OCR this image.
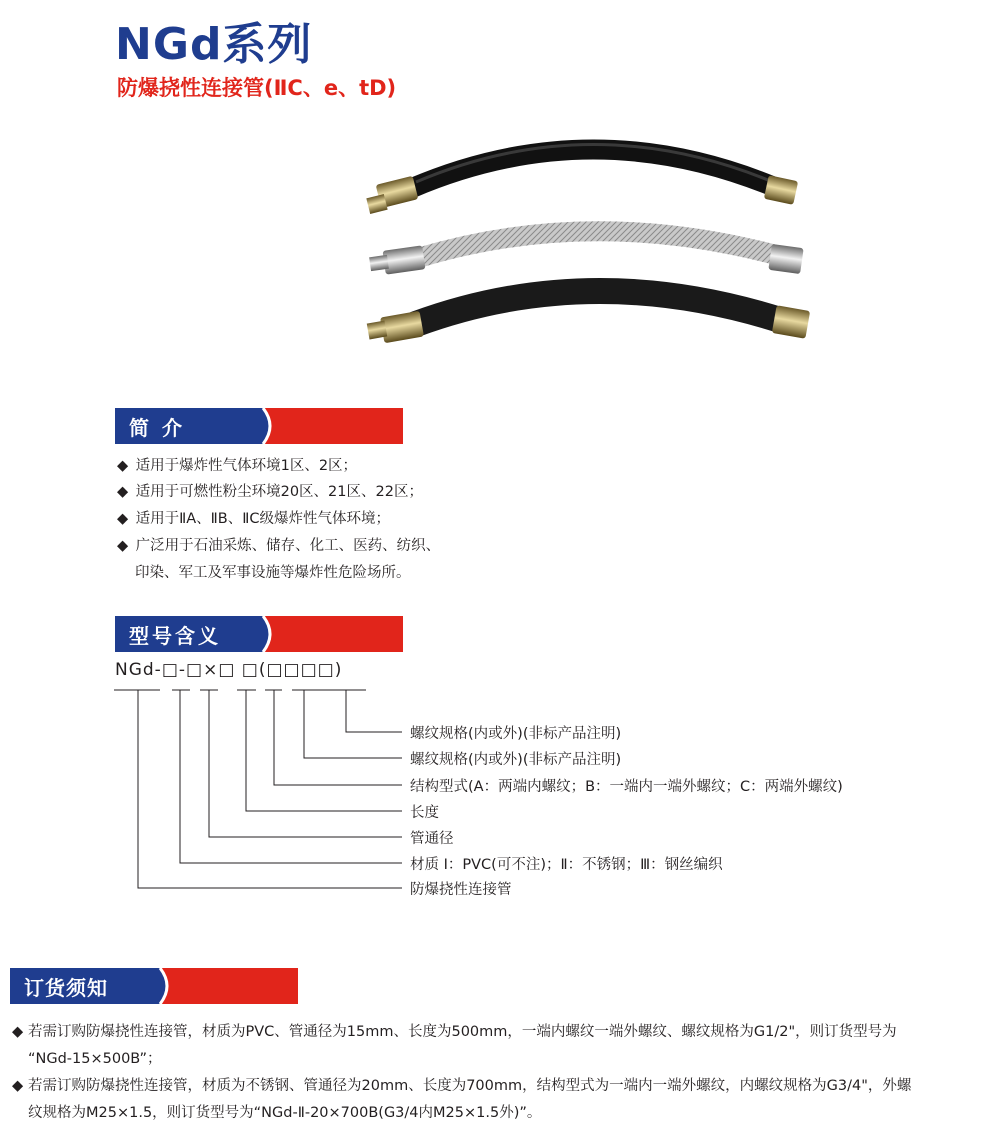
NGd系列
防爆挠性连接管(ⅡC、e、tD)
简 介
◆ 适用于爆炸性气体环境1区、2区；
◆ 适用于可燃性粉尘环境20区、21区、22区；
◆ 适用于ⅡA、ⅡB、ⅡC级爆炸性气体环境；
◆ 广泛用于石油采炼、储存、化工、医药、纺织、
印染、军工及军事设施等爆炸性危险场所。
型号含义
NGd-□-□×□ □(□□□□)
螺纹规格(内或外)(非标产品注明)
螺纹规格(内或外)(非标产品注明)
结构型式(A：两端内螺纹；B：一端内一端外螺纹；C：两端外螺纹)
长度
管通径
材质 Ⅰ：PVC(可不注)；Ⅱ：不锈钢；Ⅲ：钢丝编织
防爆挠性连接管
订货须知
◆ 若需订购防爆挠性连接管，材质为PVC、管通径为15mm、长度为500mm，一端内螺纹一端外螺纹、螺纹规格为G1/2"，则订货型号为
“NGd-15×500B”；
◆ 若需订购防爆挠性连接管，材质为不锈钢、管通径为20mm、长度为700mm，结构型式为一端内一端外螺纹，内螺纹规格为G3/4"，外螺
纹规格为M25×1.5，则订货型号为“NGd-Ⅱ-20×700B(G3/4内M25×1.5外)”。
